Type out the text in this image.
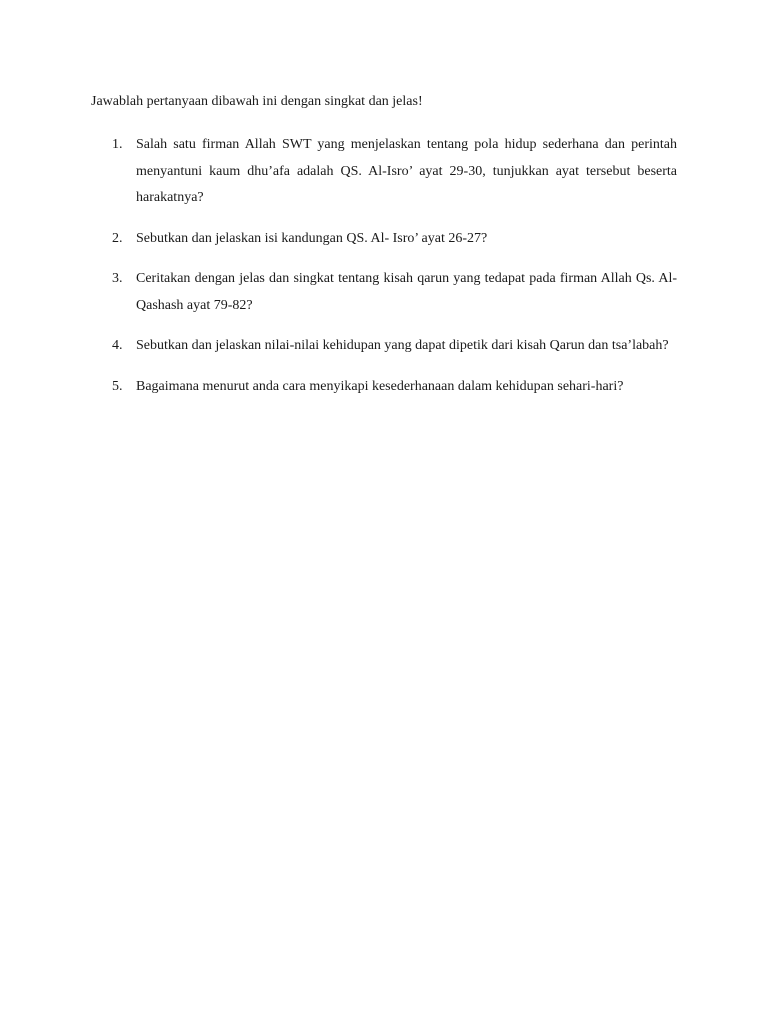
Jawablah pertanyaan dibawah ini dengan singkat dan jelas!
1. Salah satu firman Allah SWT yang menjelaskan tentang pola hidup sederhana dan perintah menyantuni kaum dhu’afa adalah QS. Al-Isro’ ayat 29-30, tunjukkan ayat tersebut beserta harakatnya?
2. Sebutkan dan jelaskan isi kandungan QS. Al- Isro’ ayat 26-27?
3. Ceritakan dengan jelas dan singkat tentang kisah qarun yang tedapat pada firman Allah Qs. Al-Qashash ayat 79-82?
4. Sebutkan dan jelaskan nilai-nilai kehidupan yang dapat dipetik dari kisah Qarun dan tsa’labah?
5. Bagaimana menurut anda cara menyikapi kesederhanaan dalam kehidupan sehari-hari?
